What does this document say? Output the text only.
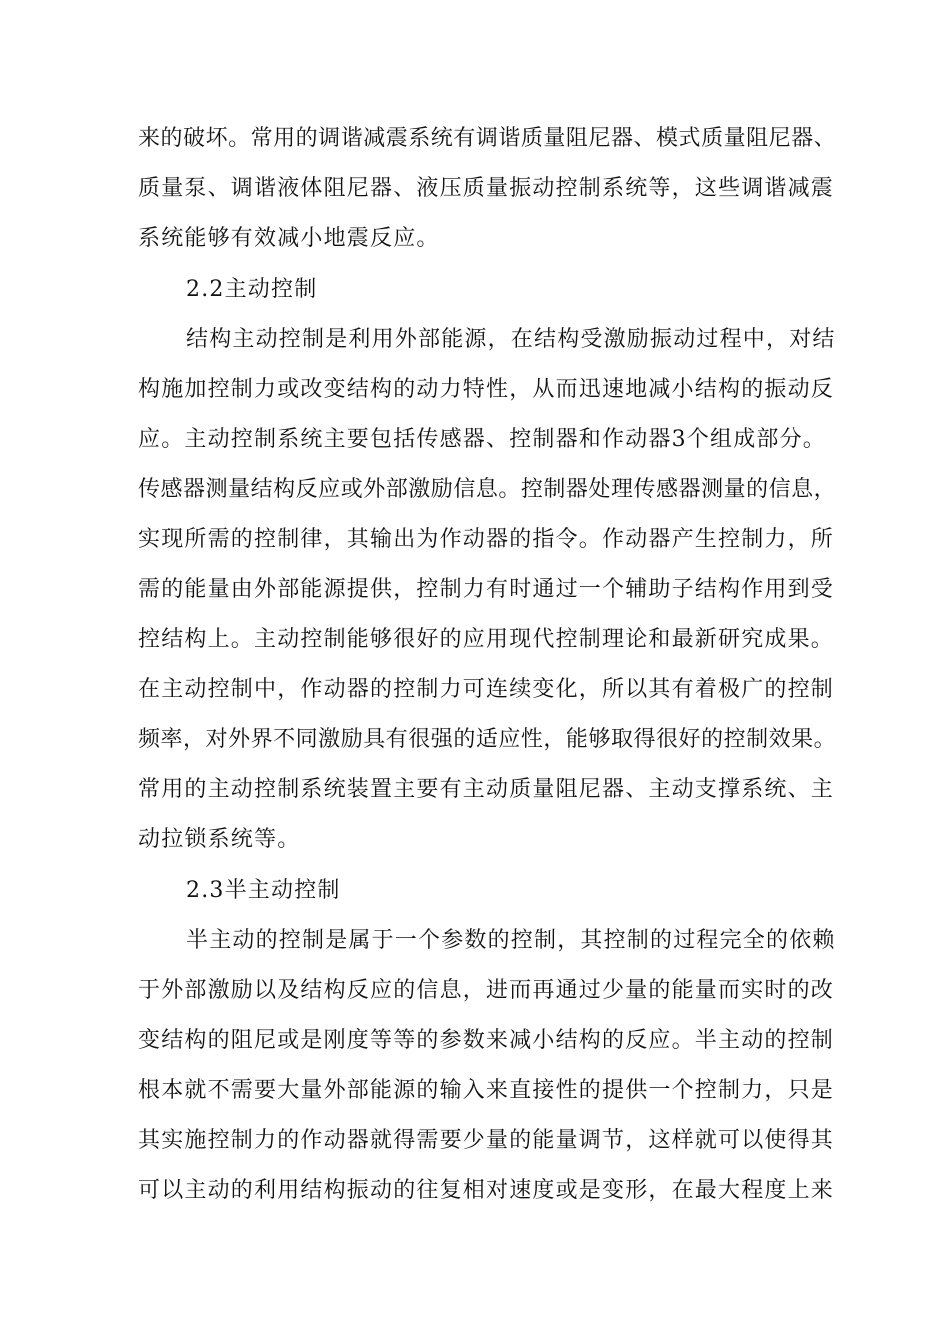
来的破坏。常用的调谐减震系统有调谐质量阻尼器、模式质量阻尼器、
质量泵、调谐液体阻尼器、液压质量振动控制系统等，这些调谐减震
系统能够有效减小地震反应。
2.2主动控制
结构主动控制是利用外部能源，在结构受激励振动过程中，对结
构施加控制力或改变结构的动力特性，从而迅速地减小结构的振动反
应。主动控制系统主要包括传感器、控制器和作动器3个组成部分。
传感器测量结构反应或外部激励信息。控制器处理传感器测量的信息，
实现所需的控制律，其输出为作动器的指令。作动器产生控制力，所
需的能量由外部能源提供，控制力有时通过一个辅助子结构作用到受
控结构上。主动控制能够很好的应用现代控制理论和最新研究成果。
在主动控制中，作动器的控制力可连续变化，所以其有着极广的控制
频率，对外界不同激励具有很强的适应性，能够取得很好的控制效果。
常用的主动控制系统装置主要有主动质量阻尼器、主动支撑系统、主
动拉锁系统等。
2.3半主动控制
半主动的控制是属于一个参数的控制，其控制的过程完全的依赖
于外部激励以及结构反应的信息，进而再通过少量的能量而实时的改
变结构的阻尼或是刚度等等的参数来减小结构的反应。半主动的控制
根本就不需要大量外部能源的输入来直接性的提供一个控制力，只是
其实施控制力的作动器就得需要少量的能量调节，这样就可以使得其
可以主动的利用结构振动的往复相对速度或是变形，在最大程度上来
